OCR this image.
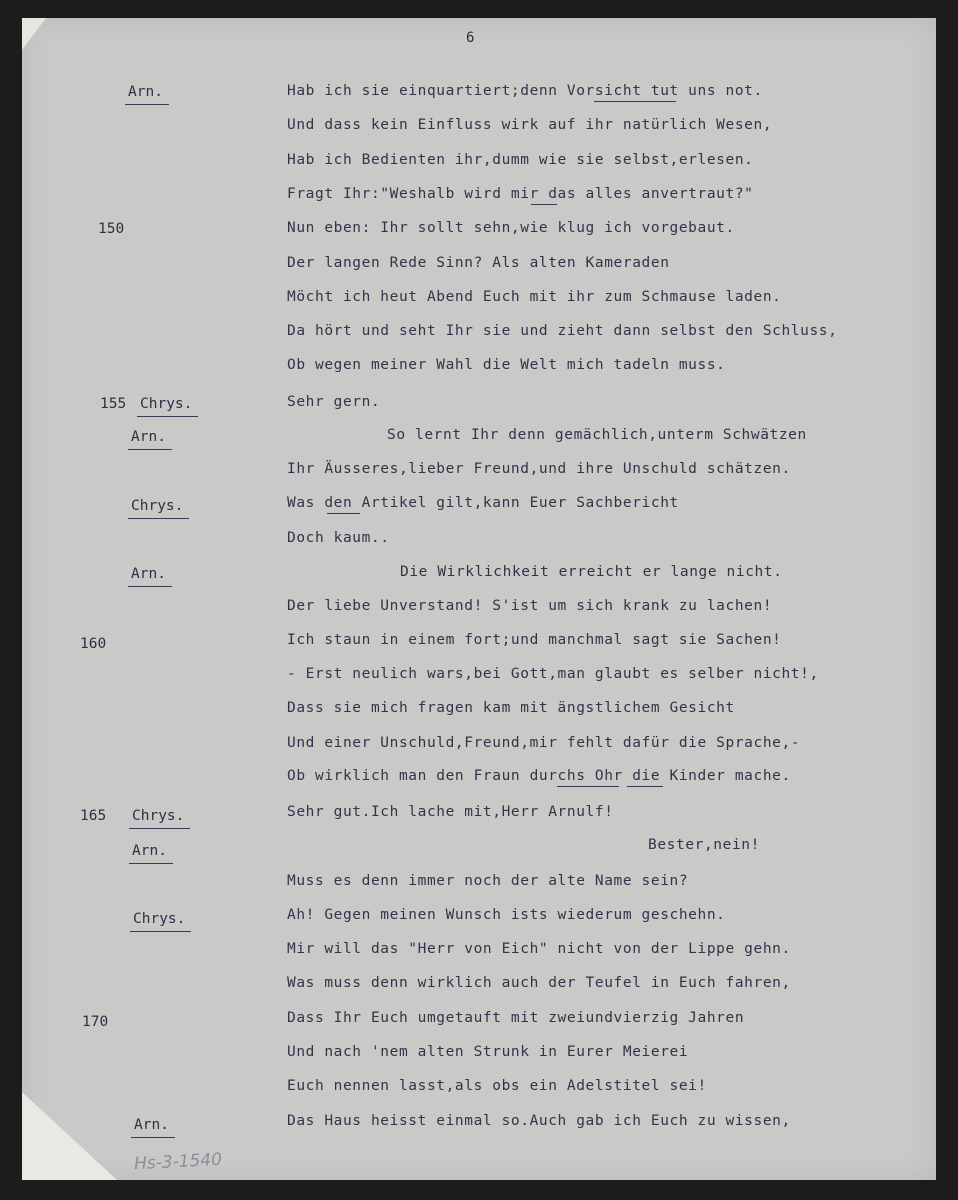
6
Arn.
Chrys.
Arn.
Chrys.
Arn.
Chrys.
Arn.
Chrys.
Arn.
150
155
160
165
170
Hab ich sie einquartiert;denn Vorsicht tut uns not.
Und dass kein Einfluss wirk auf ihr natürlich Wesen,
Hab ich Bedienten ihr,dumm wie sie selbst,erlesen.
Fragt Ihr:"Weshalb wird mir das alles anvertraut?"
Nun eben: Ihr sollt sehn,wie klug ich vorgebaut.
Der langen Rede Sinn? Als alten Kameraden
Möcht ich heut Abend Euch mit ihr zum Schmause laden.
Da hört und seht Ihr sie und zieht dann selbst den Schluss,
Ob wegen meiner Wahl die Welt mich tadeln muss.
Sehr gern.
So lernt Ihr denn gemächlich,unterm Schwätzen
Ihr Äusseres,lieber Freund,und ihre Unschuld schätzen.
Was den Artikel gilt,kann Euer Sachbericht
Doch kaum..
Die Wirklichkeit erreicht er lange nicht.
Der liebe Unverstand! S'ist um sich krank zu lachen!
Ich staun in einem fort;und manchmal sagt sie Sachen!
- Erst neulich wars,bei Gott,man glaubt es selber nicht!,
Dass sie mich fragen kam mit ängstlichem Gesicht
Und einer Unschuld,Freund,mir fehlt dafür die Sprache,-
Ob wirklich man den Fraun durchs Ohr die Kinder mache.
Sehr gut.Ich lache mit,Herr Arnulf!
Bester,nein!
Muss es denn immer noch der alte Name sein?
Ah! Gegen meinen Wunsch ists wiederum geschehn.
Mir will das "Herr von Eich" nicht von der Lippe gehn.
Was muss denn wirklich auch der Teufel in Euch fahren,
Dass Ihr Euch umgetauft mit zweiundvierzig Jahren
Und nach 'nem alten Strunk in Eurer Meierei
Euch nennen lasst,als obs ein Adelstitel sei!
Das Haus heisst einmal so.Auch gab ich Euch zu wissen,
Hs-3-1540
